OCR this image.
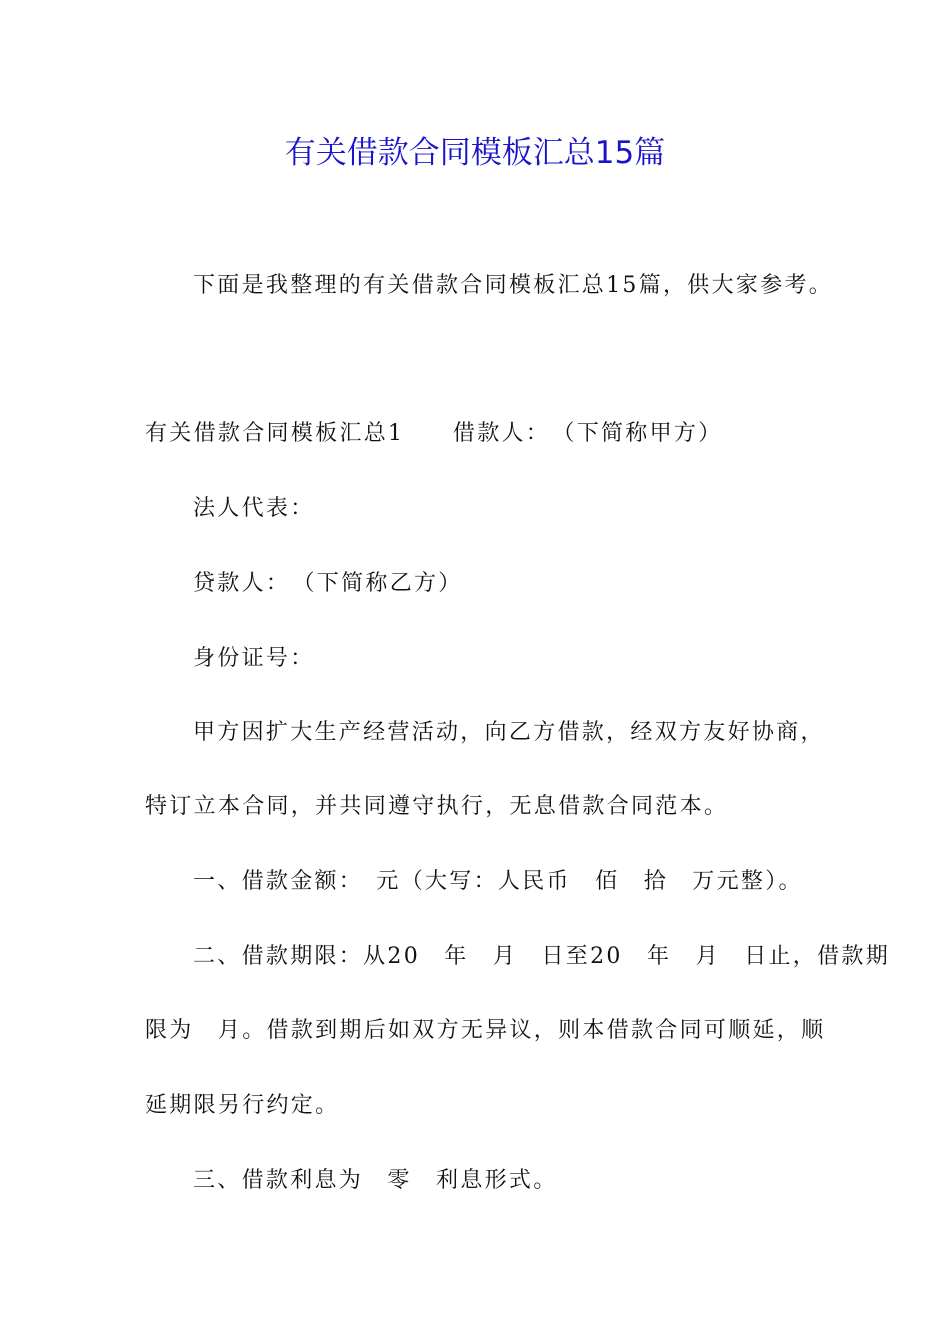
有关借款合同模板汇总15篇
下面是我整理的有关借款合同模板汇总15篇，供大家参考。
有关借款合同模板汇总1　　借款人：　（下简称甲方）
法人代表：
贷款人：　（下简称乙方）
身份证号：
甲方因扩大生产经营活动，向乙方借款，经双方友好协商，
特订立本合同，并共同遵守执行，无息借款合同范本。
一、借款金额：　元（大写：人民币　佰　拾　万元整）。
二、借款期限：从20　年　月　日至20　年　月　日止，借款期
限为　月。借款到期后如双方无异议，则本借款合同可顺延，顺
延期限另行约定。
三、借款利息为　零　利息形式。
